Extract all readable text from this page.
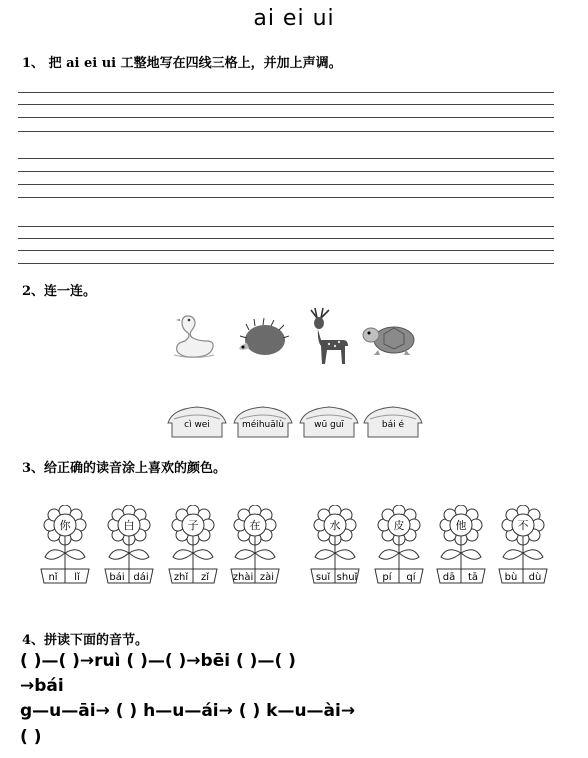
ai ei ui
1、 把 ai ei ui 工整地写在四线三格上，并加上声调。
2、连一连。
cì wei	méihuālù	wū guī	bái é
3、给正确的读音涂上喜欢的颜色。
你
nǐ	lǐ
白
bái dái
子
zhǐ	zǐ
在
zhài zài
水
suǐ shuǐ
皮
pí	qí
他
dā	tā
不
bù	dù
4、拼读下面的音节。
( )—( )→ruì ( )—( )→bēi ( )—( )
→bái
g—u—āi→ ( ) h—u—ái→ ( ) k—u—ài→
( )
